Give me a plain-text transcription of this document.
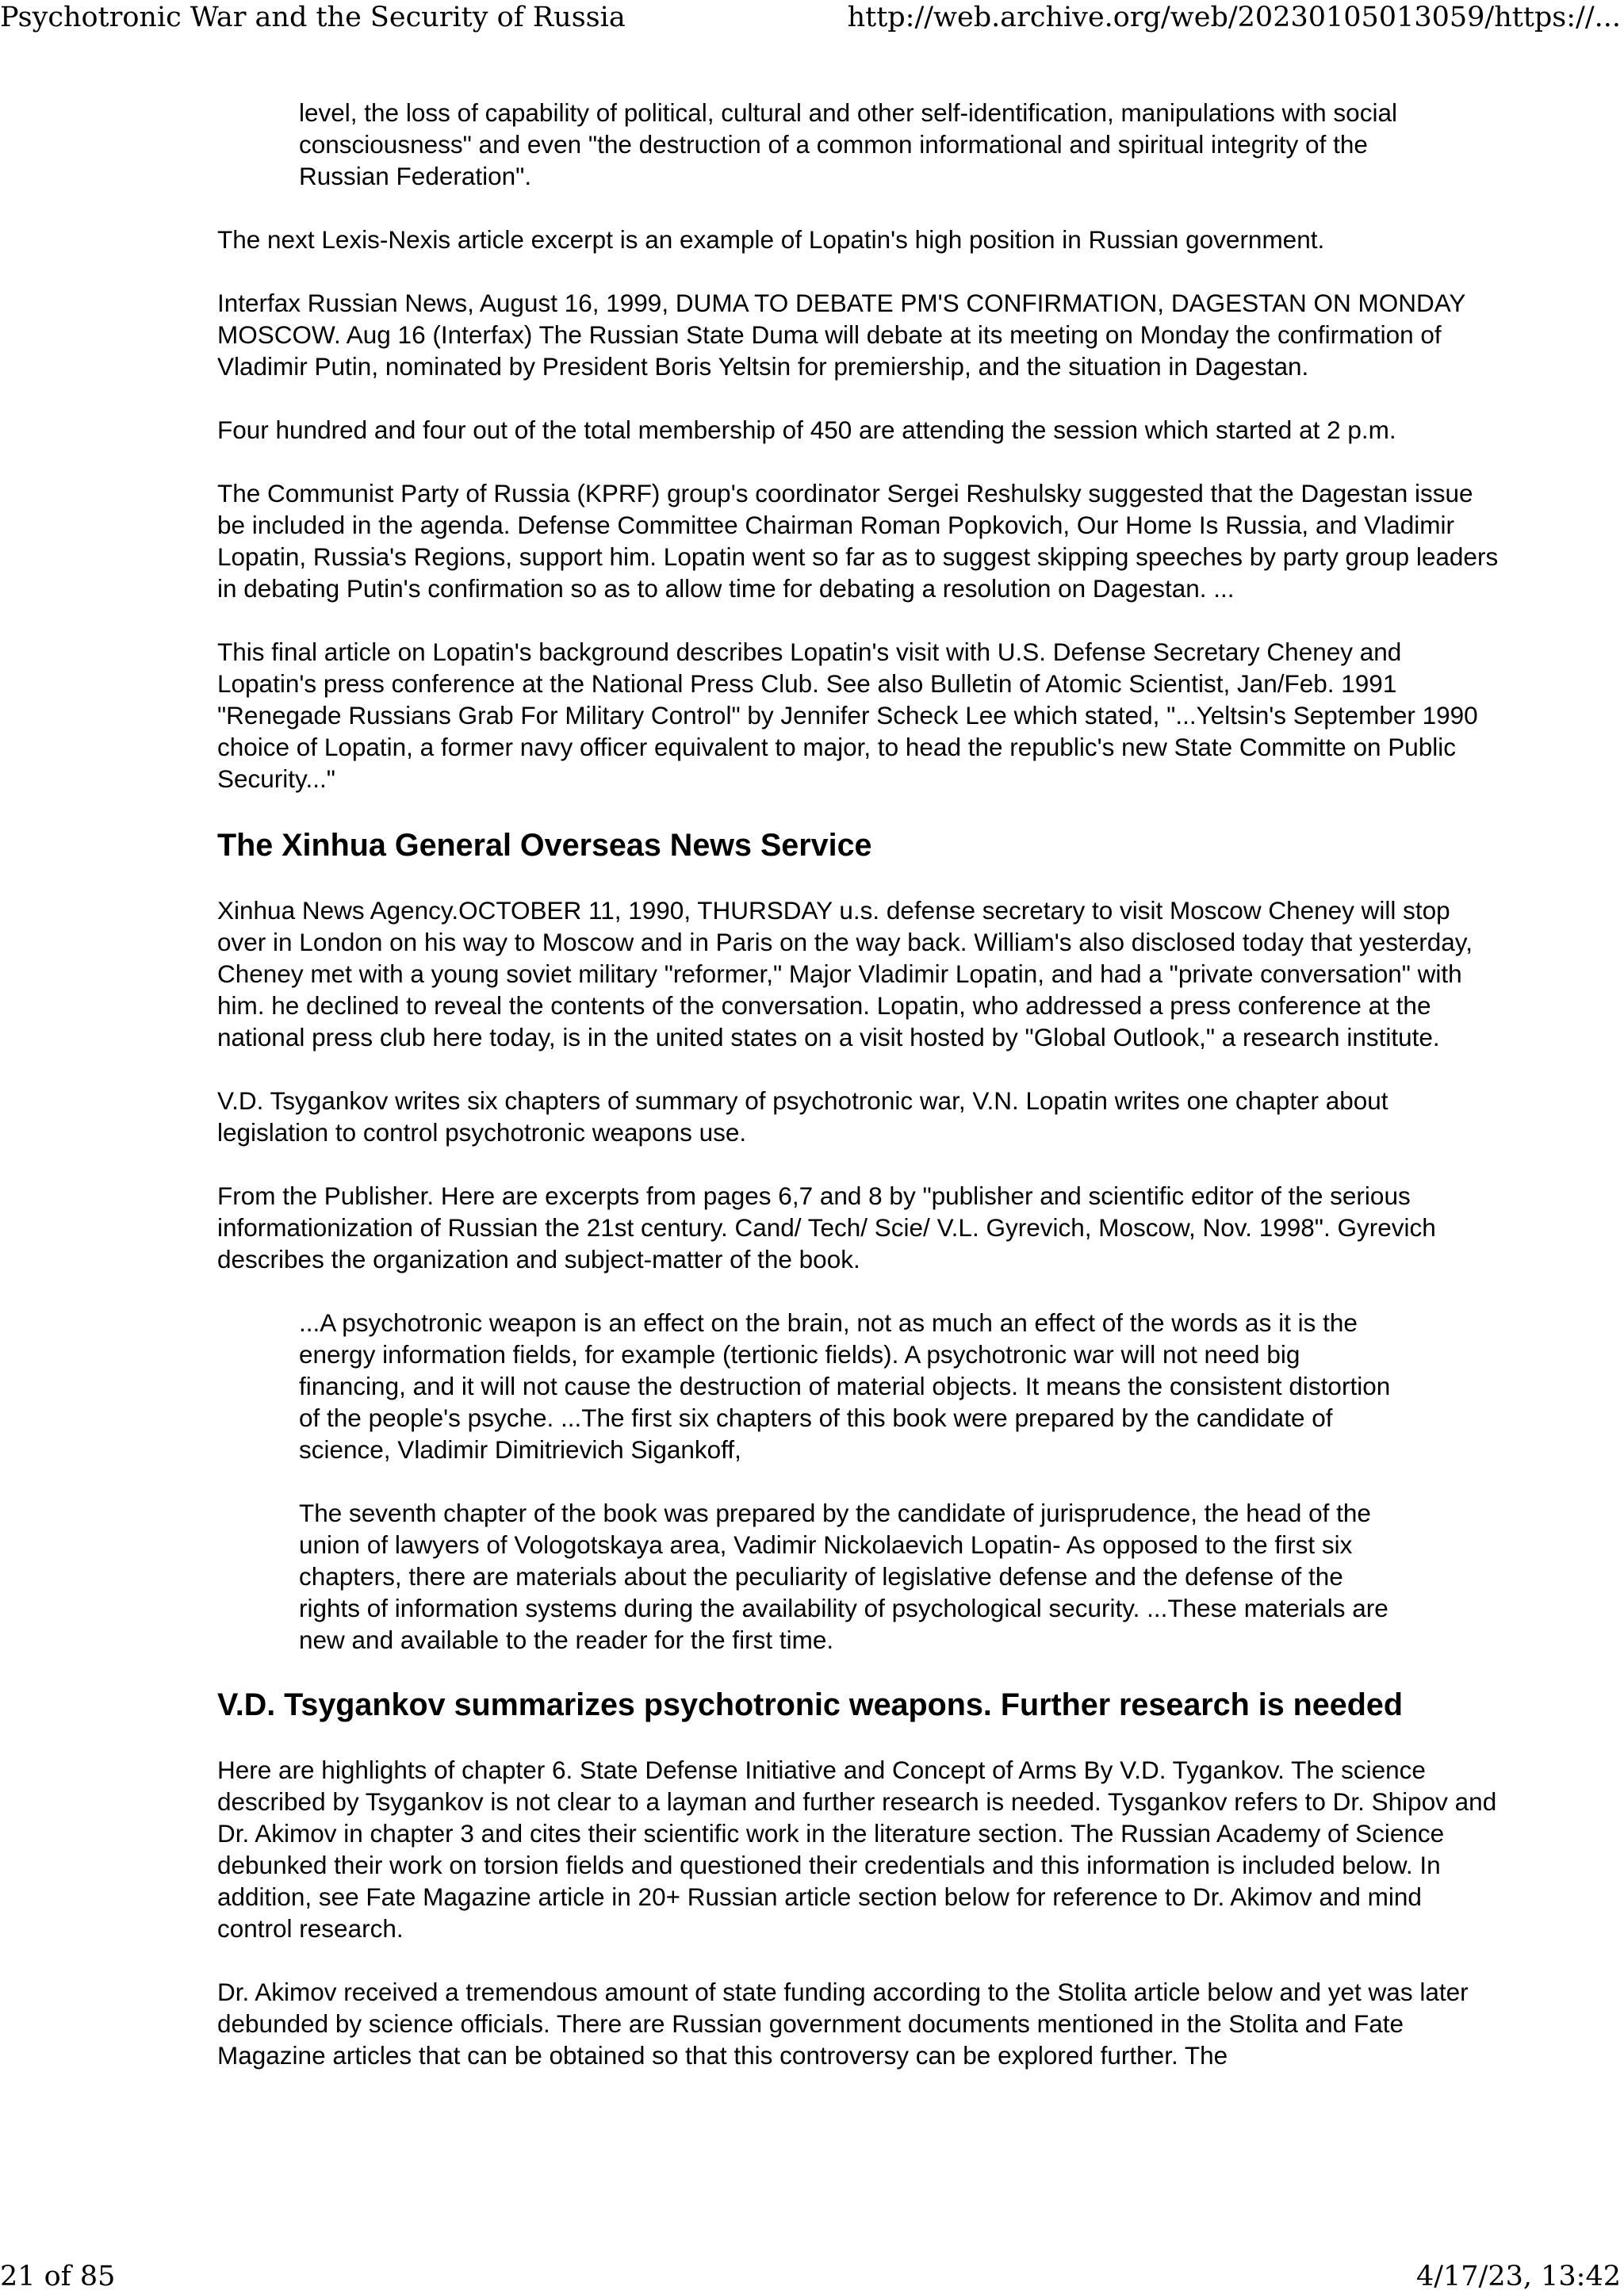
Psychotronic War and the Security of Russia	http://web.archive.org/web/20230105013059/https://...

level, the loss of capability of political, cultural and other self-identification, manipulations with social consciousness" and even "the destruction of a common informational and spiritual integrity of the Russian Federation".

The next Lexis-Nexis article excerpt is an example of Lopatin's high position in Russian government.

Interfax Russian News, August 16, 1999, DUMA TO DEBATE PM'S CONFIRMATION, DAGESTAN ON MONDAY MOSCOW. Aug 16 (Interfax) The Russian State Duma will debate at its meeting on Monday the confirmation of Vladimir Putin, nominated by President Boris Yeltsin for premiership, and the situation in Dagestan.

Four hundred and four out of the total membership of 450 are attending the session which started at 2 p.m.

The Communist Party of Russia (KPRF) group's coordinator Sergei Reshulsky suggested that the Dagestan issue be included in the agenda. Defense Committee Chairman Roman Popkovich, Our Home Is Russia, and Vladimir Lopatin, Russia's Regions, support him. Lopatin went so far as to suggest skipping speeches by party group leaders in debating Putin's confirmation so as to allow time for debating a resolution on Dagestan. ...

This final article on Lopatin's background describes Lopatin's visit with U.S. Defense Secretary Cheney and Lopatin's press conference at the National Press Club. See also Bulletin of Atomic Scientist, Jan/Feb. 1991 "Renegade Russians Grab For Military Control" by Jennifer Scheck Lee which stated, "...Yeltsin's September 1990 choice of Lopatin, a former navy officer equivalent to major, to head the republic's new State Committe on Public Security..."

The Xinhua General Overseas News Service

Xinhua News Agency.OCTOBER 11, 1990, THURSDAY u.s. defense secretary to visit Moscow Cheney will stop over in London on his way to Moscow and in Paris on the way back. William's also disclosed today that yesterday, Cheney met with a young soviet military "reformer," Major Vladimir Lopatin, and had a "private conversation" with him. he declined to reveal the contents of the conversation. Lopatin, who addressed a press conference at the national press club here today, is in the united states on a visit hosted by "Global Outlook," a research institute.

V.D. Tsygankov writes six chapters of summary of psychotronic war, V.N. Lopatin writes one chapter about legislation to control psychotronic weapons use.

From the Publisher. Here are excerpts from pages 6,7 and 8 by "publisher and scientific editor of the serious informationization of Russian the 21st century. Cand/ Tech/ Scie/ V.L. Gyrevich, Moscow, Nov. 1998". Gyrevich describes the organization and subject-matter of the book.

...A psychotronic weapon is an effect on the brain, not as much an effect of the words as it is the energy information fields, for example (tertionic fields). A psychotronic war will not need big financing, and it will not cause the destruction of material objects. It means the consistent distortion of the people's psyche. ...The first six chapters of this book were prepared by the candidate of science, Vladimir Dimitrievich Sigankoff,

The seventh chapter of the book was prepared by the candidate of jurisprudence, the head of the union of lawyers of Vologotskaya area, Vadimir Nickolaevich Lopatin- As opposed to the first six chapters, there are materials about the peculiarity of legislative defense and the defense of the rights of information systems during the availability of psychological security. ...These materials are new and available to the reader for the first time.

V.D. Tsygankov summarizes psychotronic weapons. Further research is needed

Here are highlights of chapter 6. State Defense Initiative and Concept of Arms By V.D. Tygankov. The science described by Tsygankov is not clear to a layman and further research is needed. Tysgankov refers to Dr. Shipov and Dr. Akimov in chapter 3 and cites their scientific work in the literature section. The Russian Academy of Science debunked their work on torsion fields and questioned their credentials and this information is included below. In addition, see Fate Magazine article in 20+ Russian article section below for reference to Dr. Akimov and mind control research.

Dr. Akimov received a tremendous amount of state funding according to the Stolita article below and yet was later debunded by science officials. There are Russian government documents mentioned in the Stolita and Fate Magazine articles that can be obtained so that this controversy can be explored further. The

21 of 85	4/17/23, 13:42
